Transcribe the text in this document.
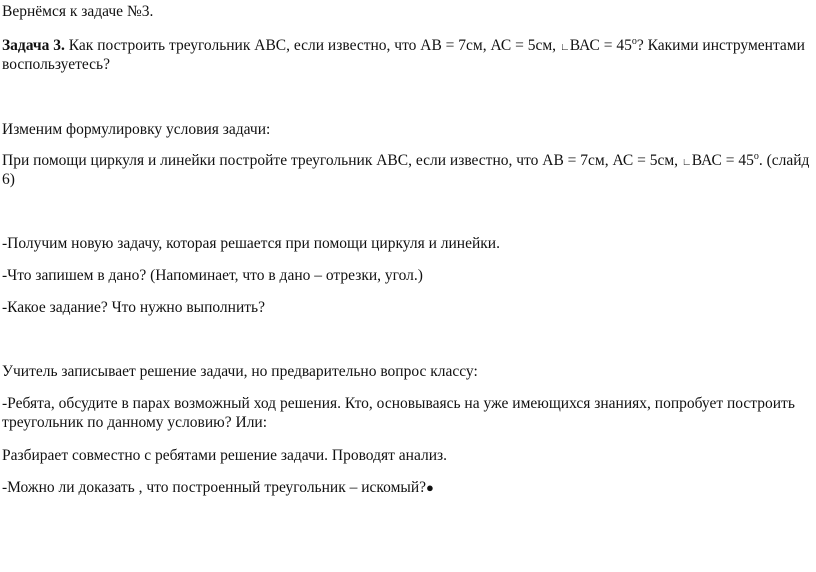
Вернёмся к задаче №3.
Задача 3. Как построить треугольник АВС, если известно, что АВ = 7см, АС = 5см, ∟ВАС = $45^о$? Какими инструментами
воспользуетесь?
Изменим формулировку условия задачи:
При помощи циркуля и линейки постройте треугольник АВС, если известно, что АВ = 7см, АС = 5см, ∟ВАС = $45^о$. (слайд
6)
-Получим новую задачу, которая решается при помощи циркуля и линейки.
-Что запишем в дано? (Напоминает, что в дано – отрезки, угол.)
-Какое задание? Что нужно выполнить?
Учитель записывает решение задачи, но предварительно вопрос классу:
-Ребята, обсудите в парах возможный ход решения. Кто, основываясь на уже имеющихся знаниях, попробует построить
треугольник по данному условию? Или:
Разбирает совместно с ребятами решение задачи. Проводят анализ.
-Можно ли доказать , что построенный треугольник – искомый?●
